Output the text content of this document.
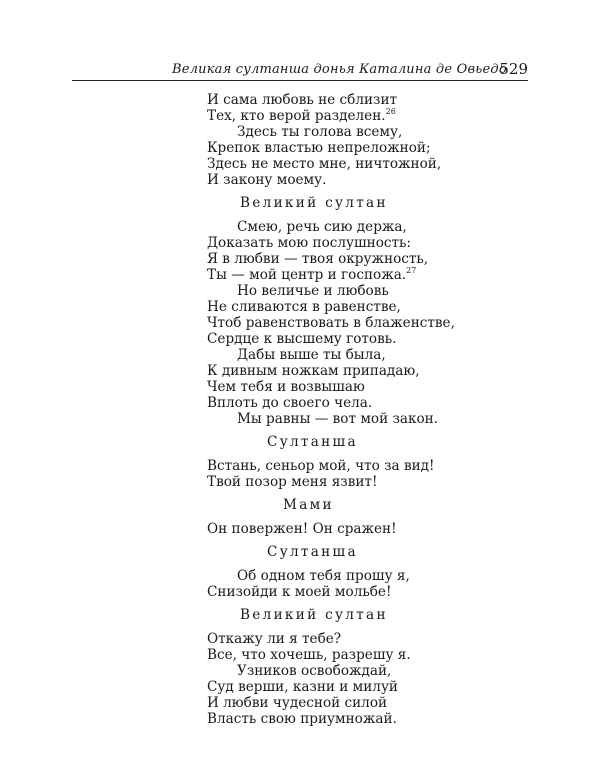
Великая султанша донья Каталина де Овьедо
529
И сама любовь не сблизит
Тех, кто верой разделен.$^{26}$
Здесь ты голова всему,
Крепок властью непреложной;
Здесь не место мне, ничтожной,
И закону моему.
Великий султан
Смею, речь сию держа,
Доказать мою послушность:
Я в любви — твоя окружность,
Ты — мой центр и госпожа.$^{27}$
Но величье и любовь
Не сливаются в равенстве,
Чтоб равенствовать в блаженстве,
Сердце к высшему готовь.
Дабы выше ты была,
К дивным ножкам припадаю,
Чем тебя и возвышаю
Вплоть до своего чела.
Мы равны — вот мой закон.
Султанша
Встань, сеньор мой, что за вид!
Твой позор меня язвит!
Мами
Он повержен! Он сражен!
Султанша
Об одном тебя прошу я,
Снизойди к моей мольбе!
Великий султан
Откажу ли я тебе?
Все, что хочешь, разрешу я.
Узников освобождай,
Суд верши, казни и милуй
И любви чудесной силой
Власть свою приумножай.
